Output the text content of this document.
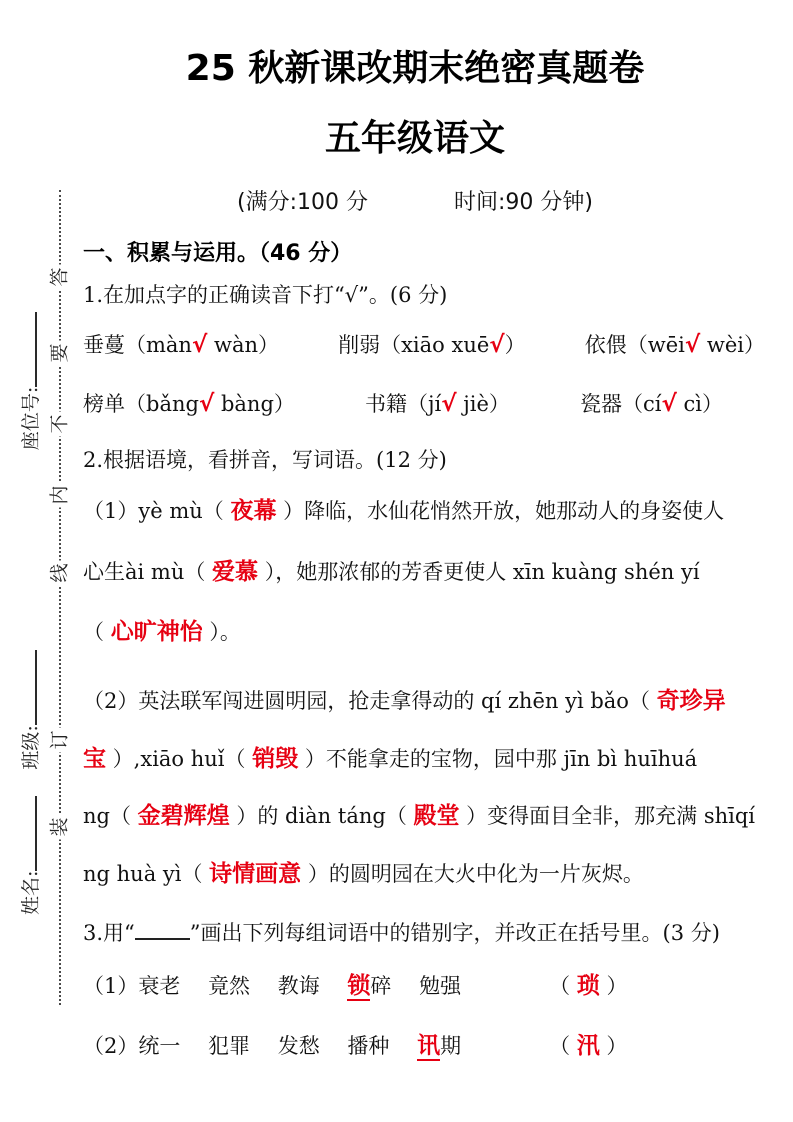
答
要
不
内
线
订
装
姓名:班级:座位号:
25 秋新课改期末绝密真题卷
五年级语文
(满分:100 分	时间:90 分钟)
一、积累与运用。（46 分）
1.在加点字的正确读音下打“√”。(6 分)
垂蔓（màn√ wàn）	削弱（xiāo xuē√）	依偎（wēi√ wèi）
榜单（bǎng√ bàng）	书籍（jí√ jiè）	瓷器（cí√ cì）
2.根据语境，看拼音，写词语。(12 分)
（1）yè mù（ 夜幕 ）降临，水仙花悄然开放，她那动人的身姿使人
心生ài mù（ 爱慕 ），她那浓郁的芳香更使人 xīn kuàng shén yí
（ 心旷神怡 ）。
（2）英法联军闯进圆明园，抢走拿得动的 qí zhēn yì bǎo（ 奇珍异
宝 ）,xiāo huǐ（ 销毁 ）不能拿走的宝物，园中那 jīn bì huīhuá
ng（ 金碧辉煌 ）的 diàn táng（ 殿堂 ）变得面目全非，那充满 shīqí
ng huà yì（ 诗情画意 ）的圆明园在大火中化为一片灰烬。
3.用“	”画出下列每组词语中的错别字，并改正在括号里。(3 分)
（1）衰老　 竟然　 教诲　 锁碎　 勉强	（ 琐 ）
（2）统一　 犯罪　 发愁　 播种　 讯期	（ 汛 ）
